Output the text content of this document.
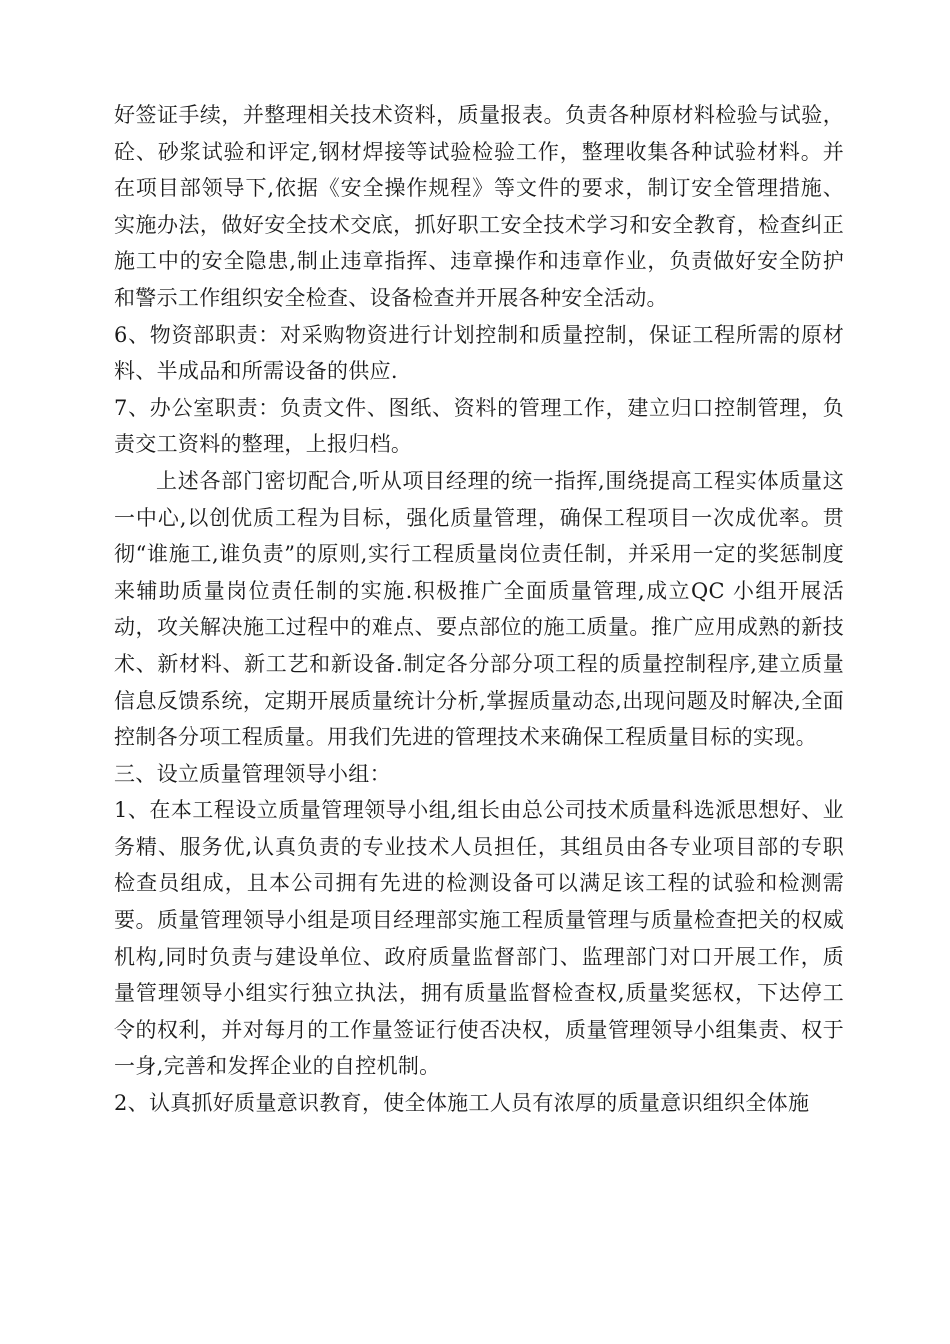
好签证手续，并整理相关技术资料，质量报表。负责各种原材料检验与试验，砼、砂浆试验和评定,钢材焊接等试验检验工作，整理收集各种试验材料。并在项目部领导下,依据《安全操作规程》等文件的要求，制订安全管理措施、实施办法，做好安全技术交底，抓好职工安全技术学习和安全教育，检查纠正施工中的安全隐患,制止违章指挥、违章操作和违章作业，负责做好安全防护和警示工作组织安全检查、设备检查并开展各种安全活动。

6、物资部职责：对采购物资进行计划控制和质量控制，保证工程所需的原材料、半成品和所需设备的供应.

7、办公室职责：负责文件、图纸、资料的管理工作，建立归口控制管理，负责交工资料的整理，上报归档。

上述各部门密切配合,听从项目经理的统一指挥,围绕提高工程实体质量这一中心,以创优质工程为目标，强化质量管理，确保工程项目一次成优率。贯彻“谁施工,谁负责”的原则,实行工程质量岗位责任制，并采用一定的奖惩制度来辅助质量岗位责任制的实施.积极推广全面质量管理,成立QC 小组开展活动，攻关解决施工过程中的难点、要点部位的施工质量。推广应用成熟的新技术、新材料、新工艺和新设备.制定各分部分项工程的质量控制程序,建立质量信息反馈系统，定期开展质量统计分析,掌握质量动态,出现问题及时解决,全面控制各分项工程质量。用我们先进的管理技术来确保工程质量目标的实现。

三、设立质量管理领导小组：

1、在本工程设立质量管理领导小组,组长由总公司技术质量科选派思想好、业务精、服务优,认真负责的专业技术人员担任，其组员由各专业项目部的专职检查员组成，且本公司拥有先进的检测设备可以满足该工程的试验和检测需要。质量管理领导小组是项目经理部实施工程质量管理与质量检查把关的权威机构,同时负责与建设单位、政府质量监督部门、监理部门对口开展工作，质量管理领导小组实行独立执法，拥有质量监督检查权,质量奖惩权，下达停工令的权利，并对每月的工作量签证行使否决权，质量管理领导小组集责、权于一身,完善和发挥企业的自控机制。

2、认真抓好质量意识教育，使全体施工人员有浓厚的质量意识组织全体施
